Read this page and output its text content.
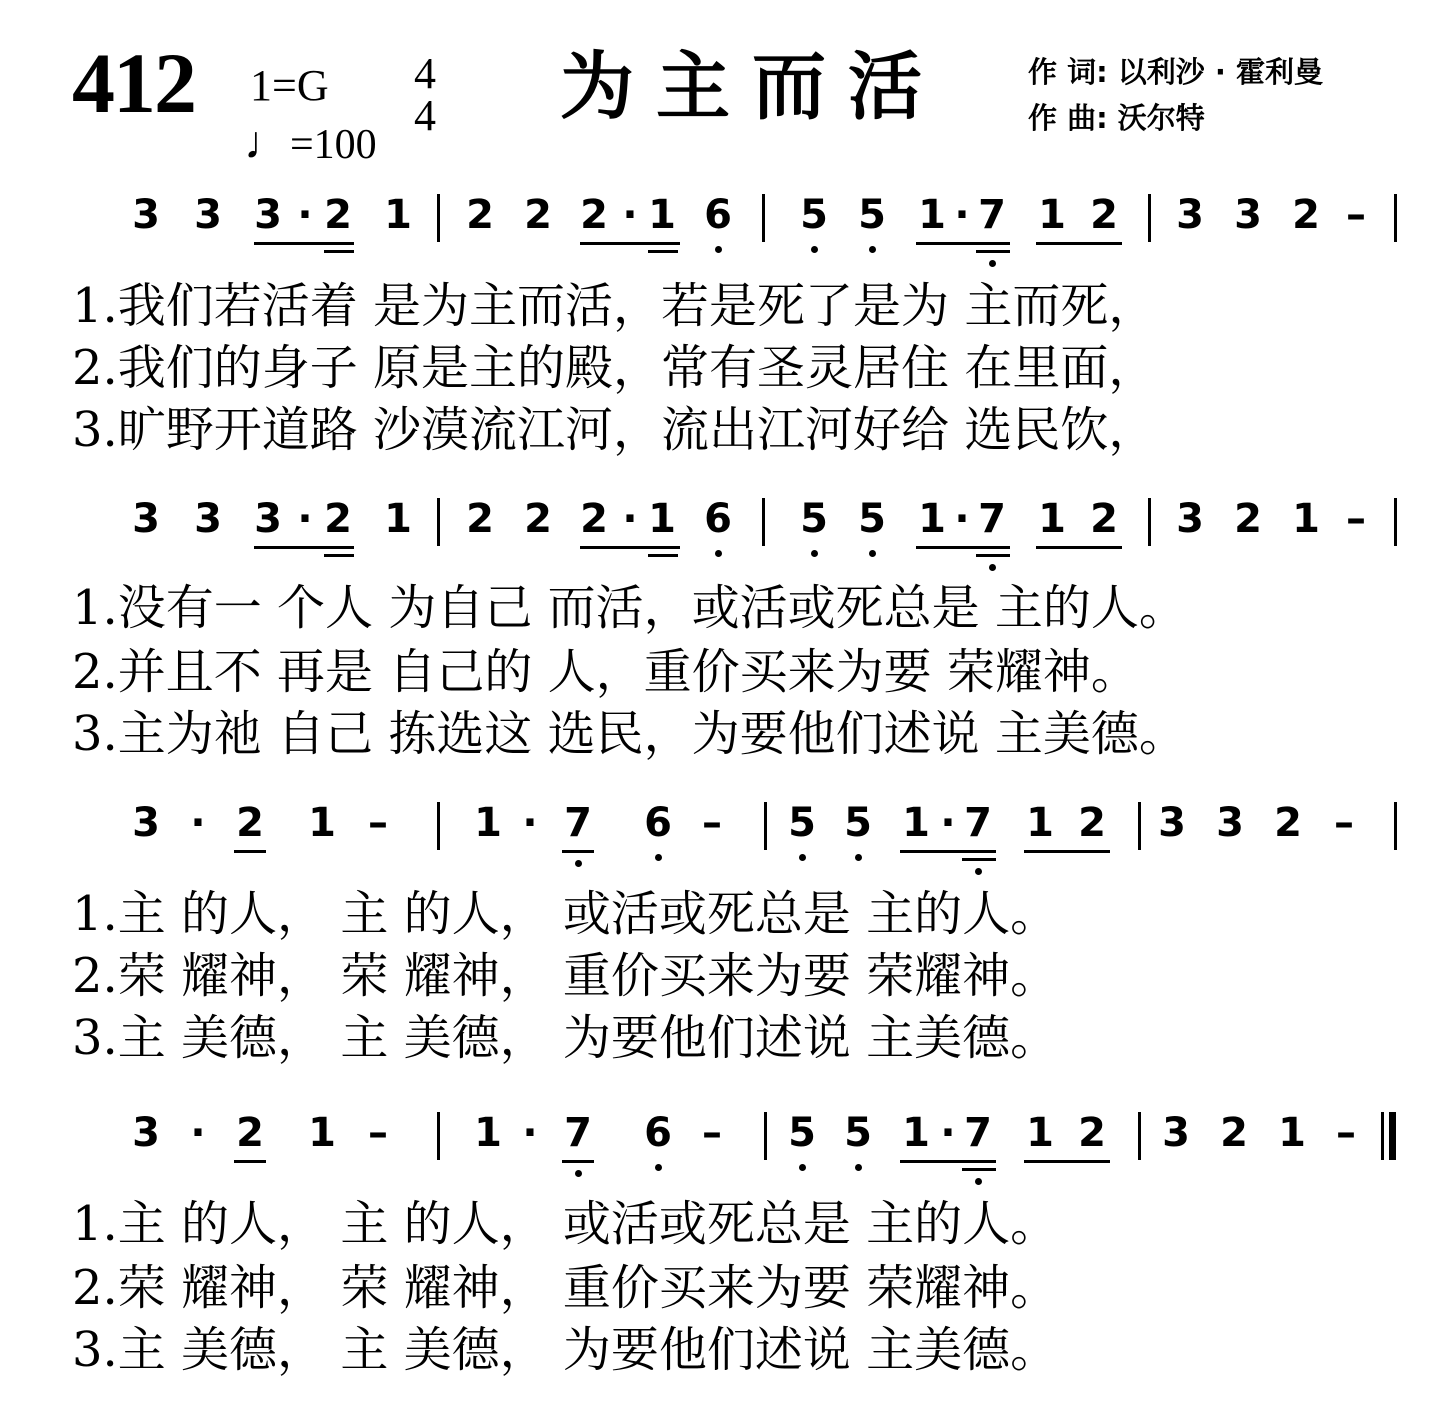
412 1=G
♩=100
4
4 为主而活	作 词: 以利沙 · 霍利曼
作 曲: 沃尔特
3 3 3 · 2 1 2 2 2 · 1 6 5 5 1 · 7 1 2 3 3 2 –
1.我们若活着 是为主而活，若是死了是为 主而死，
2.我们的身子 原是主的殿，常有圣灵居住 在里面，
3.旷野开道路 沙漠流江河，流出江河好给 选民饮，
3 3 3 · 2 1 2 2 2 · 1 6 5 5 1 · 7 1 2 3 2 1 –
1.没有一 个人 为自己 而活，或活或死总是 主的人。
2.并且不 再是 自己的 人，重价买来为要 荣耀神。
3.主为祂 自己 拣选这 选民，为要他们述说 主美德。
3 · 2 1 – 1 · 7 6 – 5 5 1 · 7 1 2 3 3 2 –
1.主 的人， 主 的人， 或活或死总是 主的人。
2.荣 耀神， 荣 耀神， 重价买来为要 荣耀神。
3.主 美德， 主 美德， 为要他们述说 主美德。
3 · 2 1 – 1 · 7 6 – 5 5 1 · 7 1 2 3 2 1 –
1.主 的人， 主 的人， 或活或死总是 主的人。
2.荣 耀神， 荣 耀神， 重价买来为要 荣耀神。
3.主 美德， 主 美德， 为要他们述说 主美德。
